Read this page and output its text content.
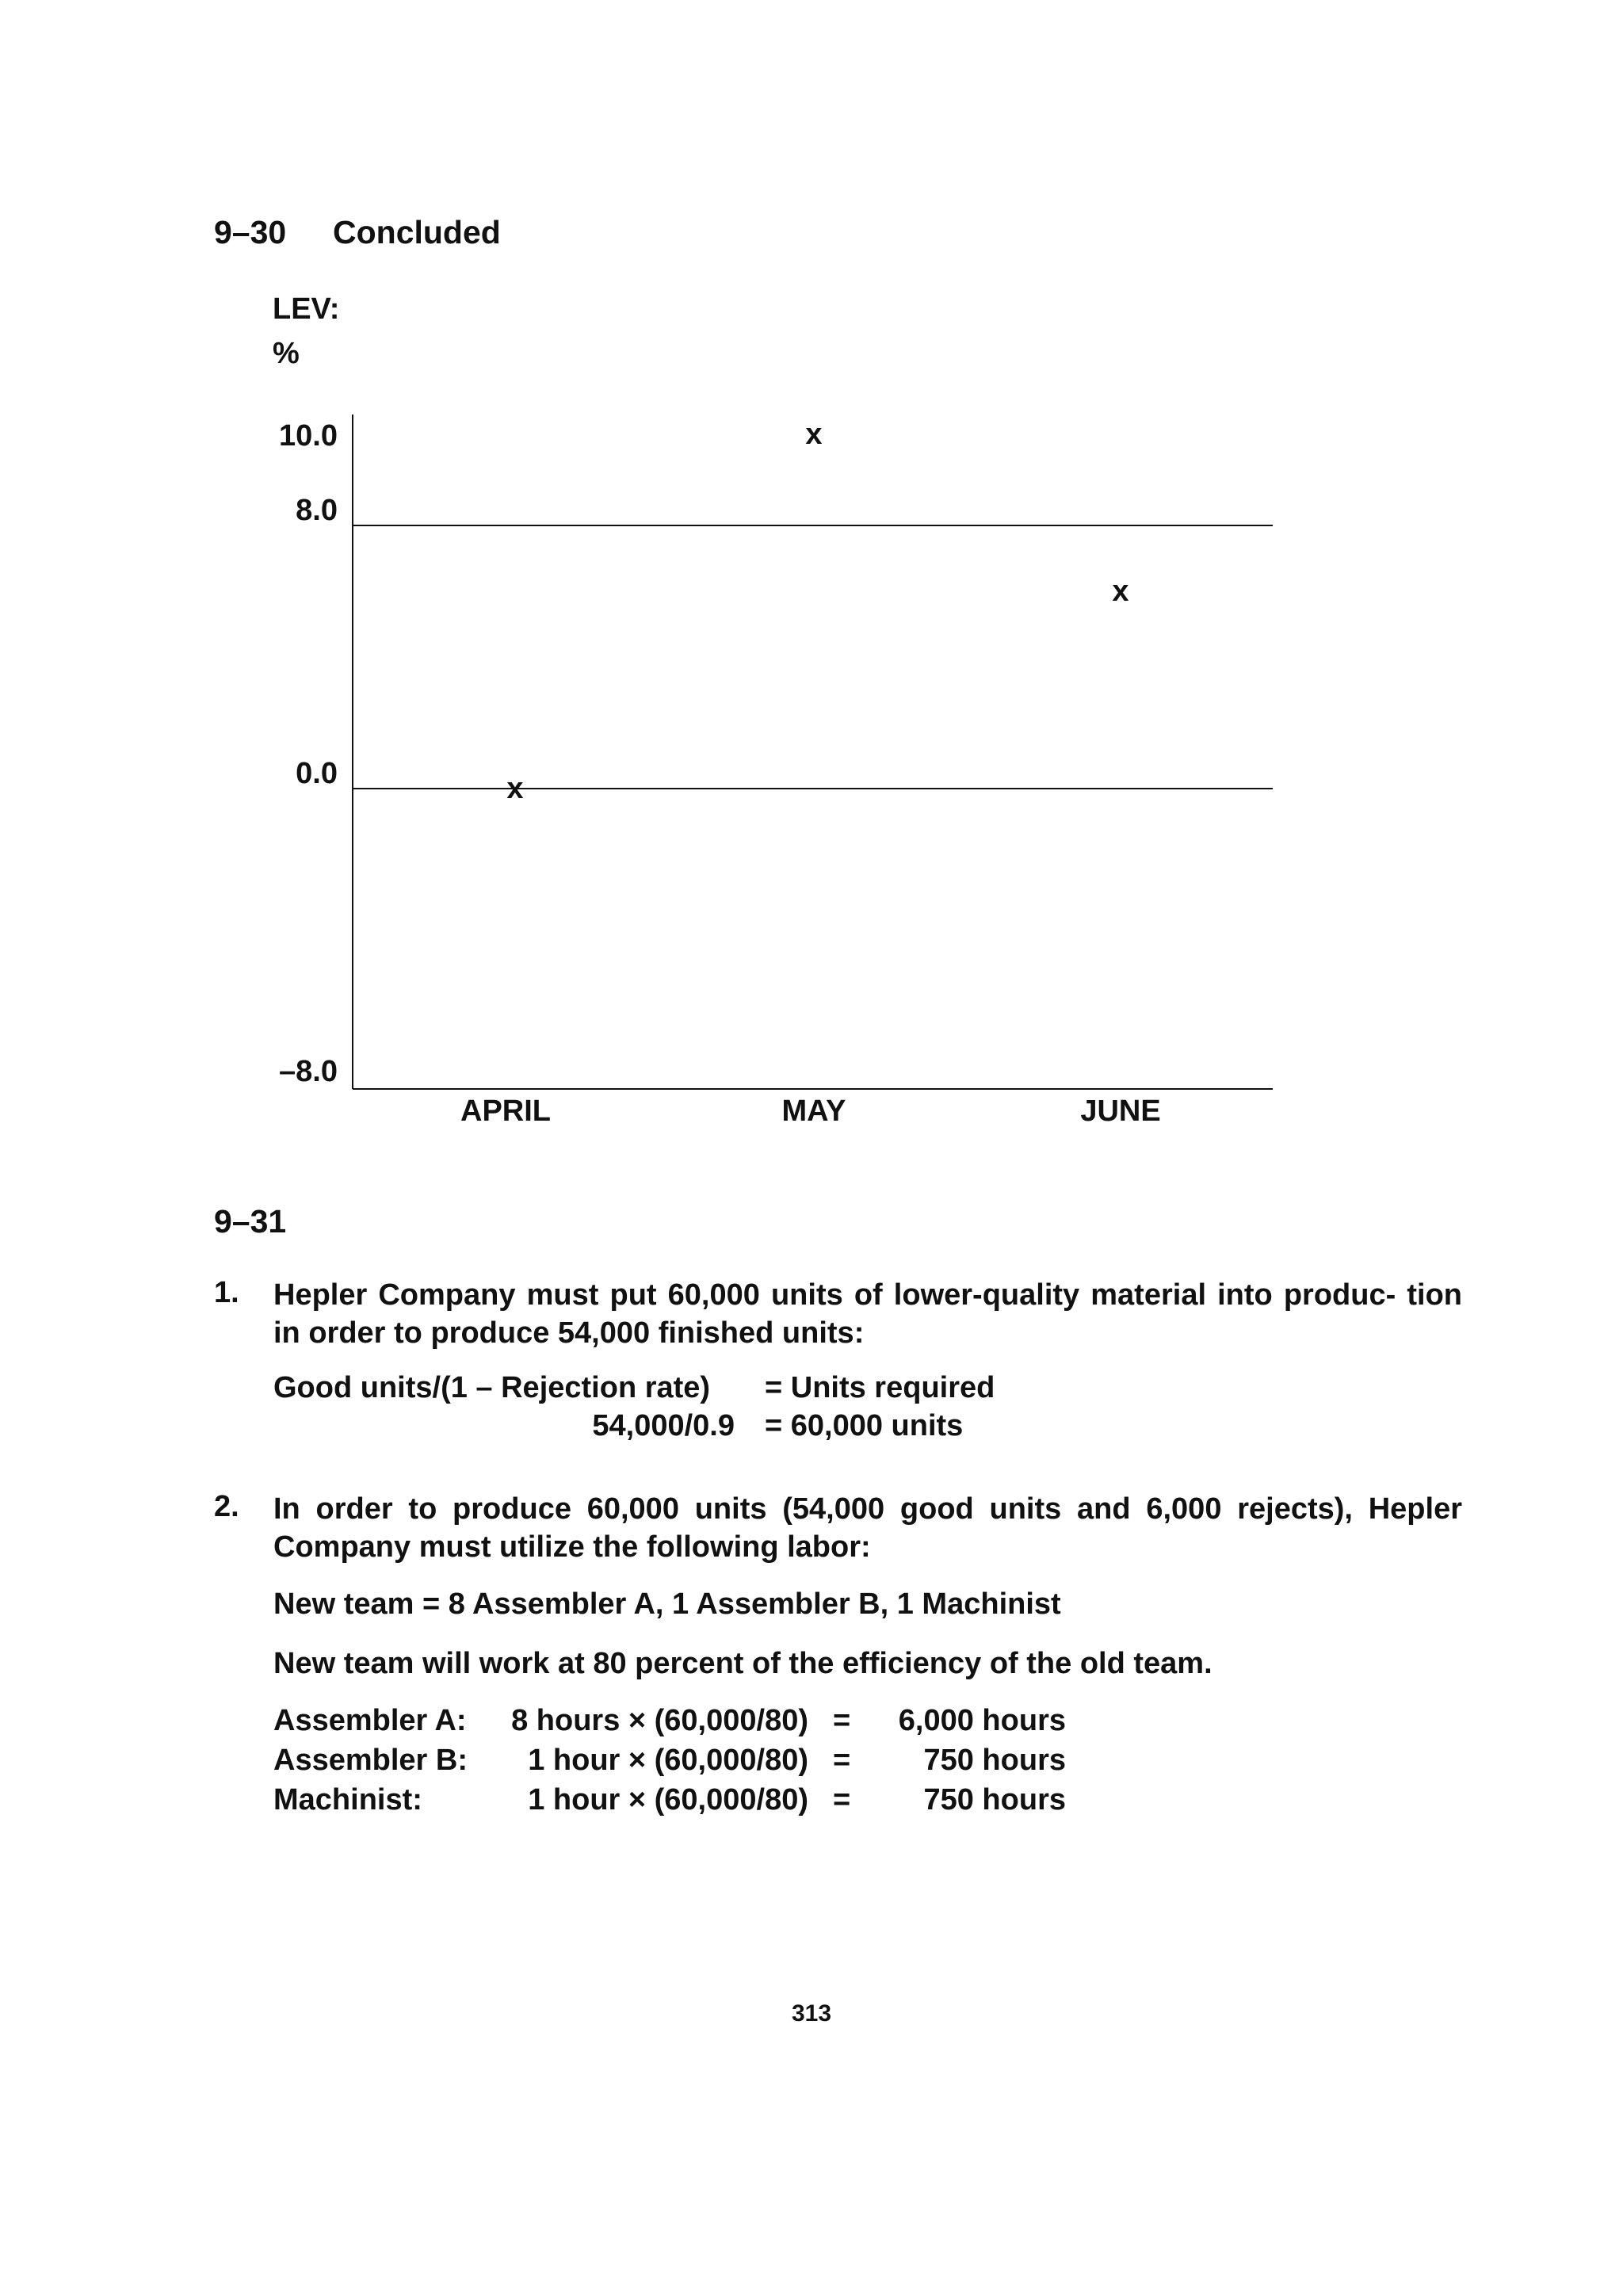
9–30 Concluded
LEV:
%
10.0
8.0
0.0
–8.0
APRIL	MAY	JUNE
x
x
x
9–31
1. Hepler Company must put 60,000 units of lower-quality material into produc- tion in order to produce 54,000 finished units:
Good units/(1 – Rejection rate) = Units required
54,000/0.9 = 60,000 units
2. In order to produce 60,000 units (54,000 good units and 6,000 rejects), Hepler Company must utilize the following labor:
New team = 8 Assembler A, 1 Assembler B, 1 Machinist
New team will work at 80 percent of the efficiency of the old team.
Assembler A:	8 hours × (60,000/80) =	6,000 hours
Assembler B:	1 hour × (60,000/80) =	750 hours
Machinist:	1 hour × (60,000/80) =	750 hours
313
